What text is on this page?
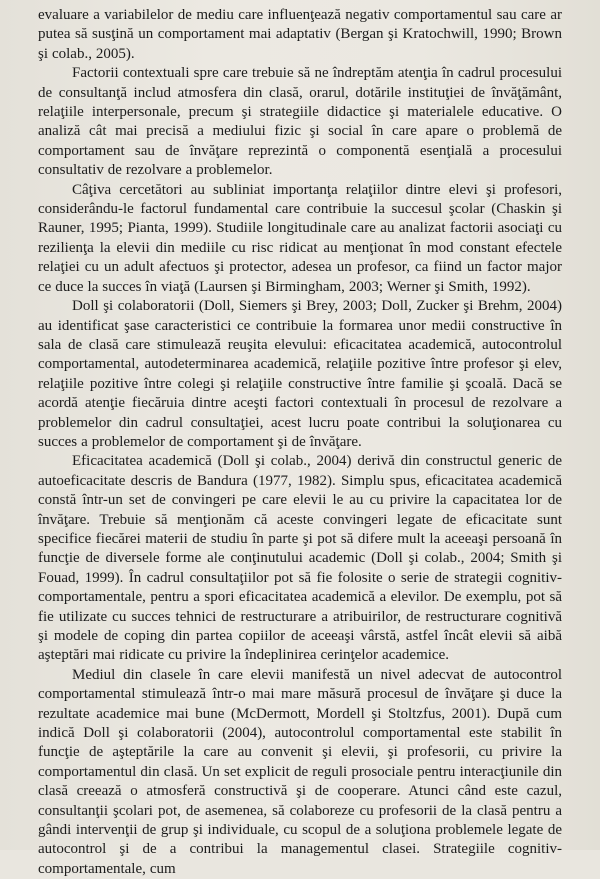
evaluare a variabilelor de mediu care influenţează negativ comportamentul sau care ar putea să susţină un comportament mai adaptativ (Bergan şi Kratochwill, 1990; Brown şi colab., 2005).

Factorii contextuali spre care trebuie să ne îndreptăm atenţia în cadrul procesului de consultanţă includ atmosfera din clasă, orarul, dotările instituţiei de învăţământ, relaţiile interpersonale, precum şi strategiile didactice şi materialele educative. O analiză cât mai precisă a mediului fizic şi social în care apare o problemă de comportament sau de învăţare reprezintă o componentă esenţială a procesului consultativ de rezolvare a problemelor.

Câţiva cercetători au subliniat importanţa relaţiilor dintre elevi şi profesori, considerându-le factorul fundamental care contribuie la succesul şcolar (Chaskin şi Rauner, 1995; Pianta, 1999). Studiile longitudinale care au analizat factorii asociaţi cu rezilienţa la elevii din mediile cu risc ridicat au menţionat în mod constant efectele relaţiei cu un adult afectuos şi protector, adesea un profesor, ca fiind un factor major ce duce la succes în viaţă (Laursen şi Birmingham, 2003; Werner şi Smith, 1992).

Doll şi colaboratorii (Doll, Siemers şi Brey, 2003; Doll, Zucker şi Brehm, 2004) au identificat şase caracteristici ce contribuie la formarea unor medii constructive în sala de clasă care stimulează reuşita elevului: eficacitatea academică, autocontrolul comportamental, autodeterminarea academică, relaţiile pozitive între profesor şi elev, relaţiile pozitive între colegi şi relaţiile constructive între familie şi şcoală. Dacă se acordă atenţie fiecăruia dintre aceşti factori contextuali în procesul de rezolvare a problemelor din cadrul consultaţiei, acest lucru poate contribui la soluţionarea cu succes a problemelor de comportament şi de învăţare.

Eficacitatea academică (Doll şi colab., 2004) derivă din constructul generic de autoeficacitate descris de Bandura (1977, 1982). Simplu spus, eficacitatea academică constă într-un set de convingeri pe care elevii le au cu privire la capacitatea lor de învăţare. Trebuie să menţionăm că aceste convingeri legate de eficacitate sunt specifice fiecărei materii de studiu în parte şi pot să difere mult la aceeaşi persoană în funcţie de diversele forme ale conţinutului academic (Doll şi colab., 2004; Smith şi Fouad, 1999). În cadrul consultaţiilor pot să fie folosite o serie de strategii cognitiv-comportamentale, pentru a spori eficacitatea academică a elevilor. De exemplu, pot să fie utilizate cu succes tehnici de restructurare a atribuirilor, de restructurare cognitivă şi modele de coping din partea copiilor de aceeaşi vârstă, astfel încât elevii să aibă aşteptări mai ridicate cu privire la îndeplinirea cerinţelor academice.

Mediul din clasele în care elevii manifestă un nivel adecvat de autocontrol comportamental stimulează într-o mai mare măsură procesul de învăţare şi duce la rezultate academice mai bune (McDermott, Mordell şi Stoltzfus, 2001). După cum indică Doll şi colaboratorii (2004), autocontrolul comportamental este stabilit în funcţie de aşteptările la care au convenit şi elevii, şi profesorii, cu privire la comportamentul din clasă. Un set explicit de reguli prosociale pentru interacţiunile din clasă creează o atmosferă constructivă şi de cooperare. Atunci când este cazul, consultanţii şcolari pot, de asemenea, să colaboreze cu profesorii de la clasă pentru a gândi intervenţii de grup şi individuale, cu scopul de a soluţiona problemele legate de autocontrol şi de a contribui la managementul clasei. Strategiile cognitiv-comportamentale, cum
